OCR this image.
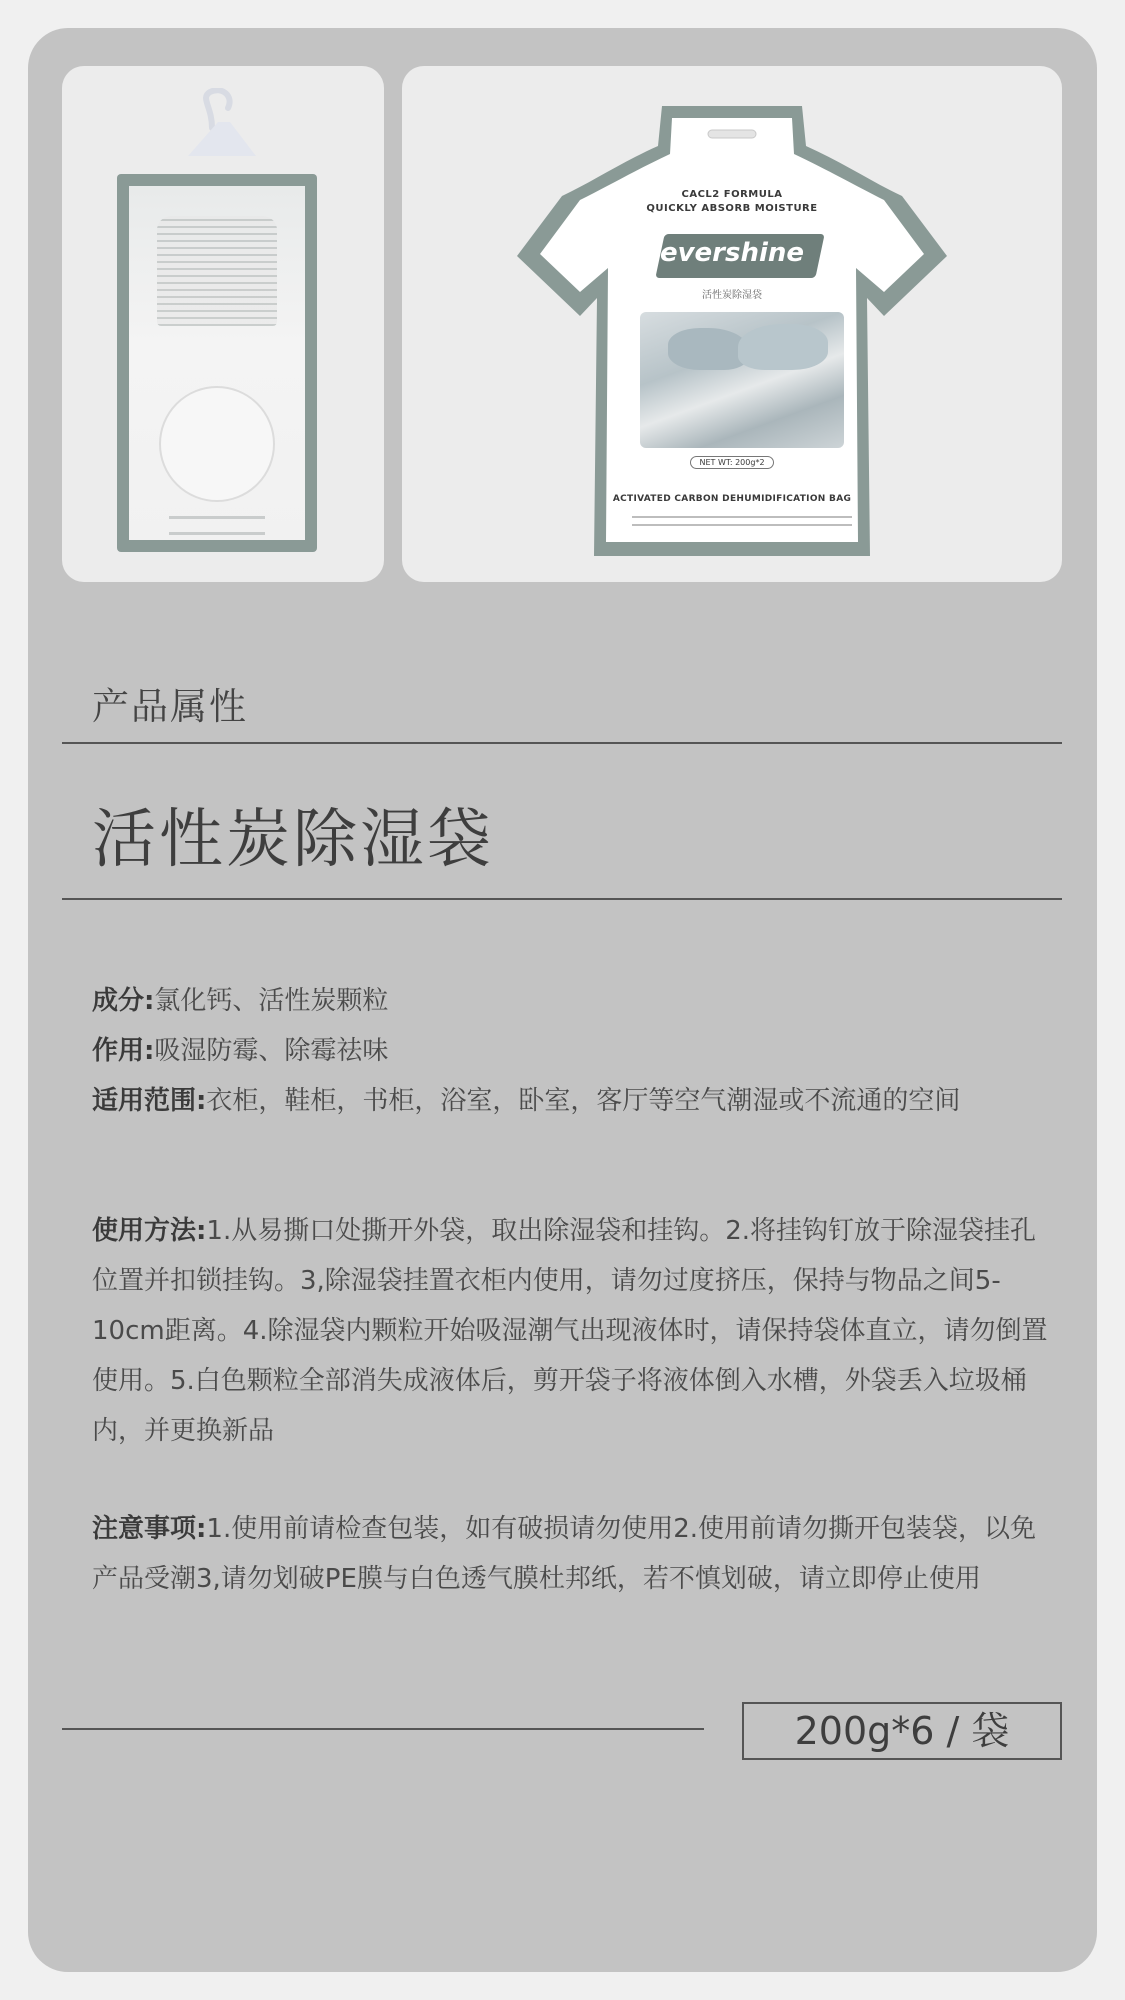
CACL2 FORMULA
QUICKLY ABSORB MOISTURE
evershine
活性炭除湿袋
NET WT: 200g*2
ACTIVATED CARBON DEHUMIDIFICATION BAG
产品属性
活性炭除湿袋
成分:氯化钙、活性炭颗粒
作用:吸湿防霉、除霉祛味
适用范围:衣柜，鞋柜，书柜，浴室，卧室，客厅等空气潮湿或不流通的空间
使用方法:1.从易撕口处撕开外袋，取出除湿袋和挂钩。2.将挂钩钉放于除湿袋挂孔位置并扣锁挂钩。3,除湿袋挂置衣柜内使用，请勿过度挤压，保持与物品之间5-10cm距离。4.除湿袋内颗粒开始吸湿潮气出现液体时，请保持袋体直立，请勿倒置使用。5.白色颗粒全部消失成液体后，剪开袋子将液体倒入水槽，外袋丢入垃圾桶内，并更换新品
注意事项:1.使用前请检查包装，如有破损请勿使用2.使用前请勿撕开包装袋，以免产品受潮3,请勿划破PE膜与白色透气膜杜邦纸，若不慎划破，请立即停止使用
200g*6 / 袋
